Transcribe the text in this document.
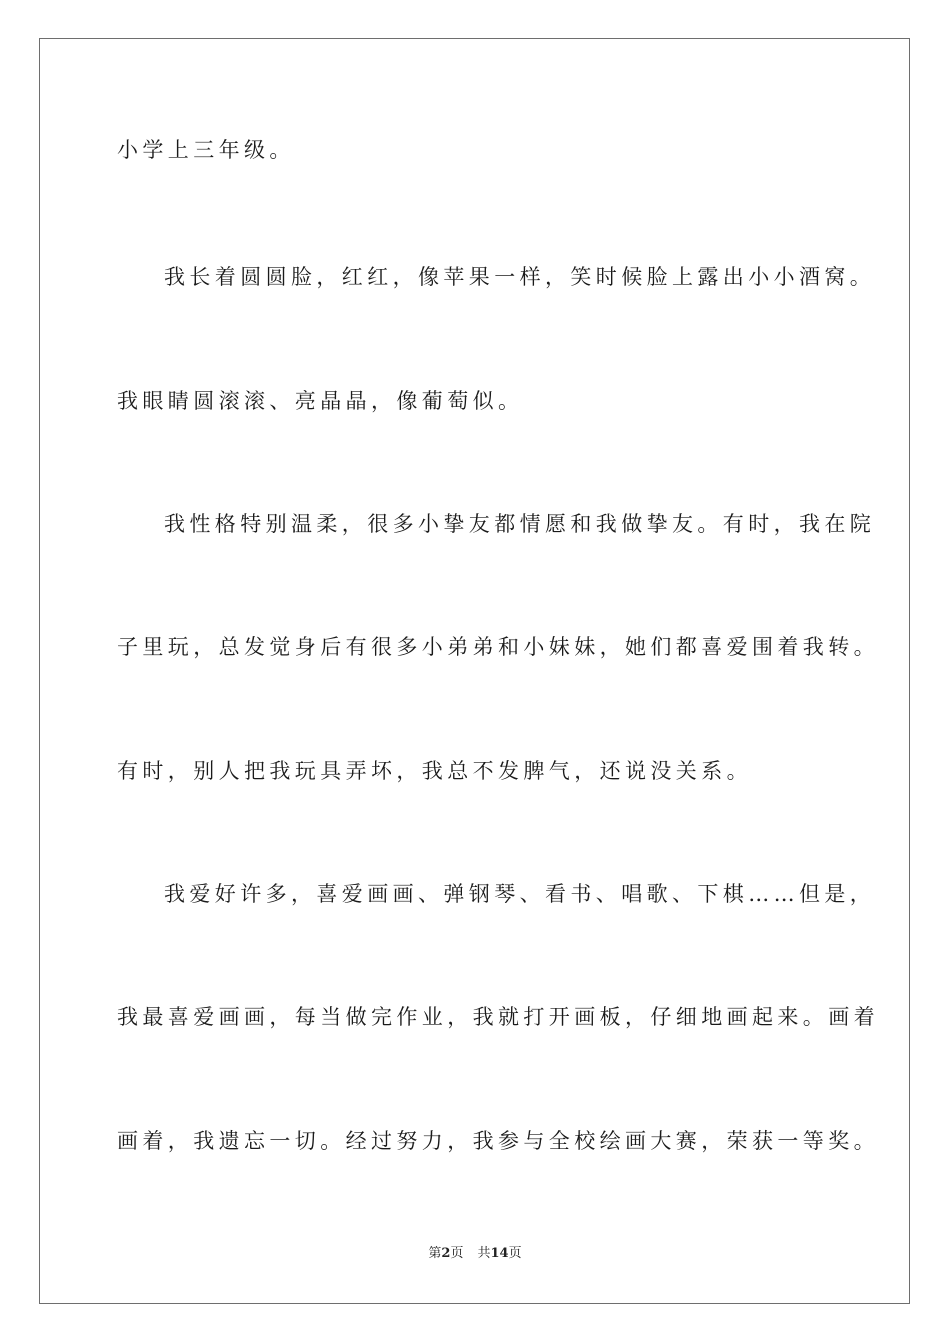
小学上三年级。
我长着圆圆脸，红红，像苹果一样，笑时候脸上露出小小酒窝。
我眼睛圆滚滚、亮晶晶，像葡萄似。
我性格特别温柔，很多小挚友都情愿和我做挚友。有时，我在院
子里玩，总发觉身后有很多小弟弟和小妹妹，她们都喜爱围着我转。
有时，别人把我玩具弄坏，我总不发脾气，还说没关系。
我爱好许多，喜爱画画、弹钢琴、看书、唱歌、下棋……但是，
我最喜爱画画，每当做完作业，我就打开画板，仔细地画起来。画着
画着，我遗忘一切。经过努力，我参与全校绘画大赛，荣获一等奖。
第2页 共14页
